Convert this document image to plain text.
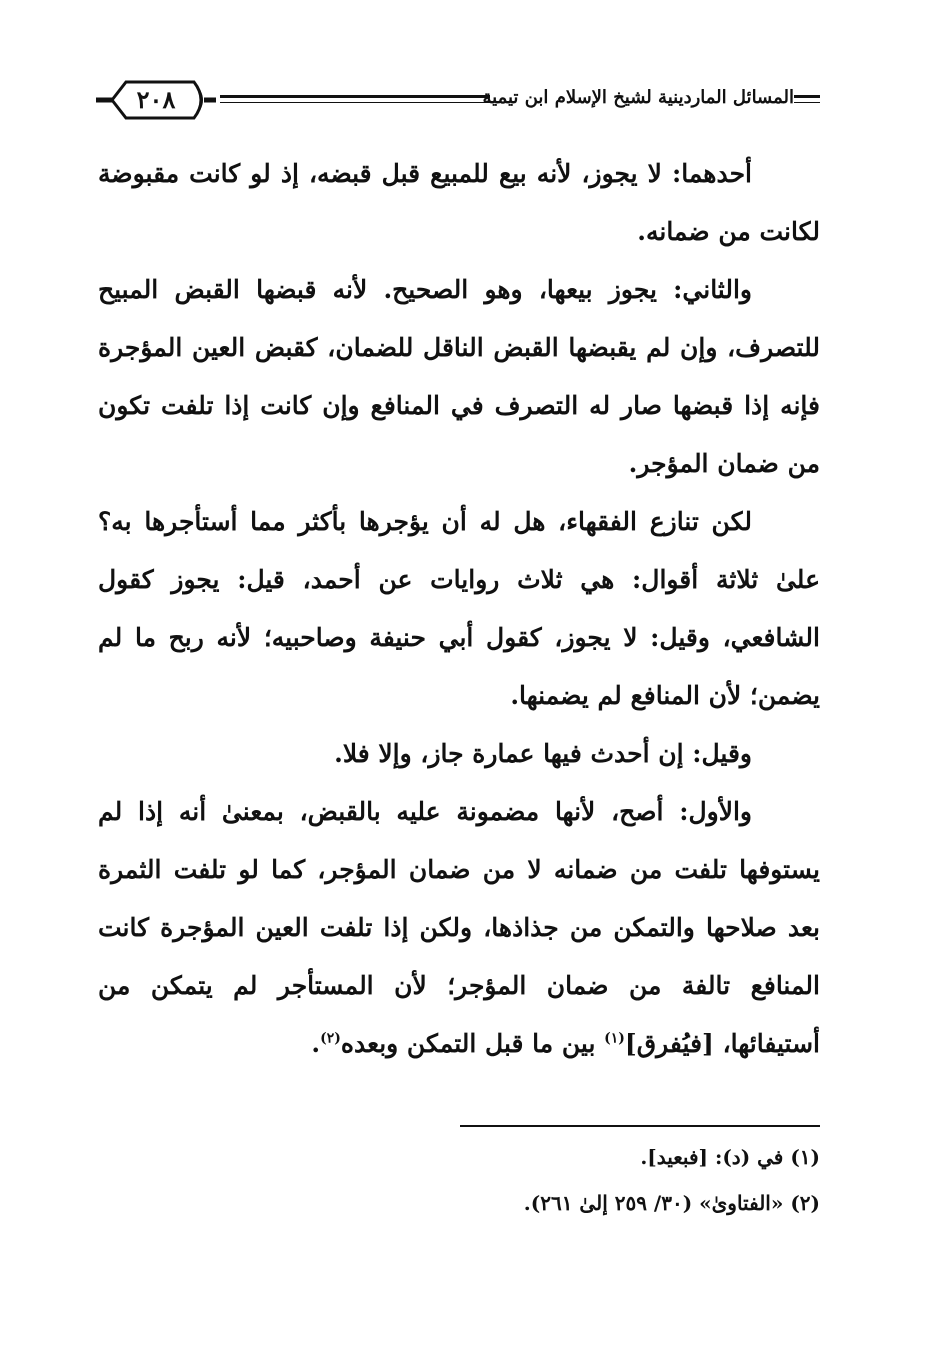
٢٠٨	المسائل الماردينية لشيخ الإسلام ابن تيمية

أحدهما: لا يجوز، لأنه بيع للمبيع قبل قبضه، إذ لو كانت مقبوضة لكانت من ضمانه.

والثاني: يجوز بيعها، وهو الصحيح. لأنه قبضها القبض المبيح للتصرف، وإن لم يقبضها القبض الناقل للضمان، كقبض العين المؤجرة فإنه إذا قبضها صار له التصرف في المنافع وإن كانت إذا تلفت تكون من ضمان المؤجر.

لكن تنازع الفقهاء، هل له أن يؤجرها بأكثر مما أستأجرها به؟ علىٰ ثلاثة أقوال: هي ثلاث روايات عن أحمد، قيل: يجوز كقول الشافعي، وقيل: لا يجوز، كقول أبي حنيفة وصاحبيه؛ لأنه ربح ما لم يضمن؛ لأن المنافع لم يضمنها.

وقيل: إن أحدث فيها عمارة جاز، وإلا فلا.

والأول: أصح، لأنها مضمونة عليه بالقبض، بمعنىٰ أنه إذا لم يستوفها تلفت من ضمانه لا من ضمان المؤجر، كما لو تلفت الثمرة بعد صلاحها والتمكن من جذاذها، ولكن إذا تلفت العين المؤجرة كانت المنافع تالفة من ضمان المؤجر؛ لأن المستأجر لم يتمكن من أستيفائها، [فيُفرق]$^{(١)}$ بين ما قبل التمكن وبعده$^{(٢)}$.

(١) في (د): [فبعيد].

(٢) «الفتاوىٰ» (٣٠/ ٢٥٩ إلىٰ ٢٦١).
